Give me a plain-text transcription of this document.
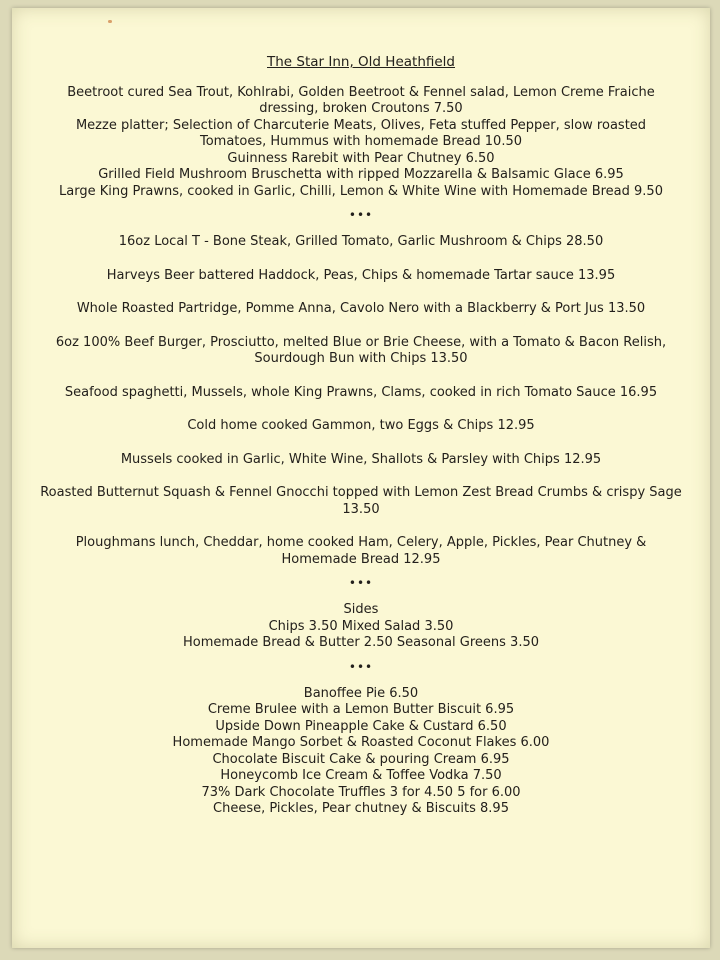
The Star Inn, Old Heathfield
Beetroot cured Sea Trout, Kohlrabi, Golden Beetroot & Fennel salad, Lemon Creme Fraiche dressing, broken Croutons 7.50
Mezze platter; Selection of Charcuterie Meats, Olives, Feta stuffed Pepper, slow roasted Tomatoes, Hummus with homemade Bread 10.50
Guinness Rarebit with Pear Chutney 6.50
Grilled Field Mushroom Bruschetta with ripped Mozzarella & Balsamic Glace 6.95
Large King Prawns, cooked in Garlic, Chilli, Lemon & White Wine with Homemade Bread 9.50
•••
16oz Local T - Bone Steak, Grilled Tomato, Garlic Mushroom & Chips 28.50
Harveys Beer battered Haddock, Peas, Chips & homemade Tartar sauce 13.95
Whole Roasted Partridge, Pomme Anna, Cavolo Nero with a Blackberry & Port Jus 13.50
6oz 100% Beef Burger, Prosciutto, melted Blue or Brie Cheese, with a Tomato & Bacon Relish, Sourdough Bun with Chips 13.50
Seafood spaghetti, Mussels, whole King Prawns, Clams, cooked in rich Tomato Sauce 16.95
Cold home cooked Gammon, two Eggs & Chips 12.95
Mussels cooked in Garlic, White Wine, Shallots & Parsley with Chips 12.95
Roasted Butternut Squash & Fennel Gnocchi topped with Lemon Zest Bread Crumbs & crispy Sage 13.50
Ploughmans lunch, Cheddar, home cooked Ham, Celery, Apple, Pickles, Pear Chutney & Homemade Bread 12.95
•••
Sides
Chips 3.50 Mixed Salad 3.50
Homemade Bread & Butter 2.50 Seasonal Greens 3.50
•••
Banoffee Pie 6.50
Creme Brulee with a Lemon Butter Biscuit 6.95
Upside Down Pineapple Cake & Custard 6.50
Homemade Mango Sorbet & Roasted Coconut Flakes 6.00
Chocolate Biscuit Cake & pouring Cream 6.95
Honeycomb Ice Cream & Toffee Vodka 7.50
73% Dark Chocolate Truffles 3 for 4.50 5 for 6.00
Cheese, Pickles, Pear chutney & Biscuits 8.95
